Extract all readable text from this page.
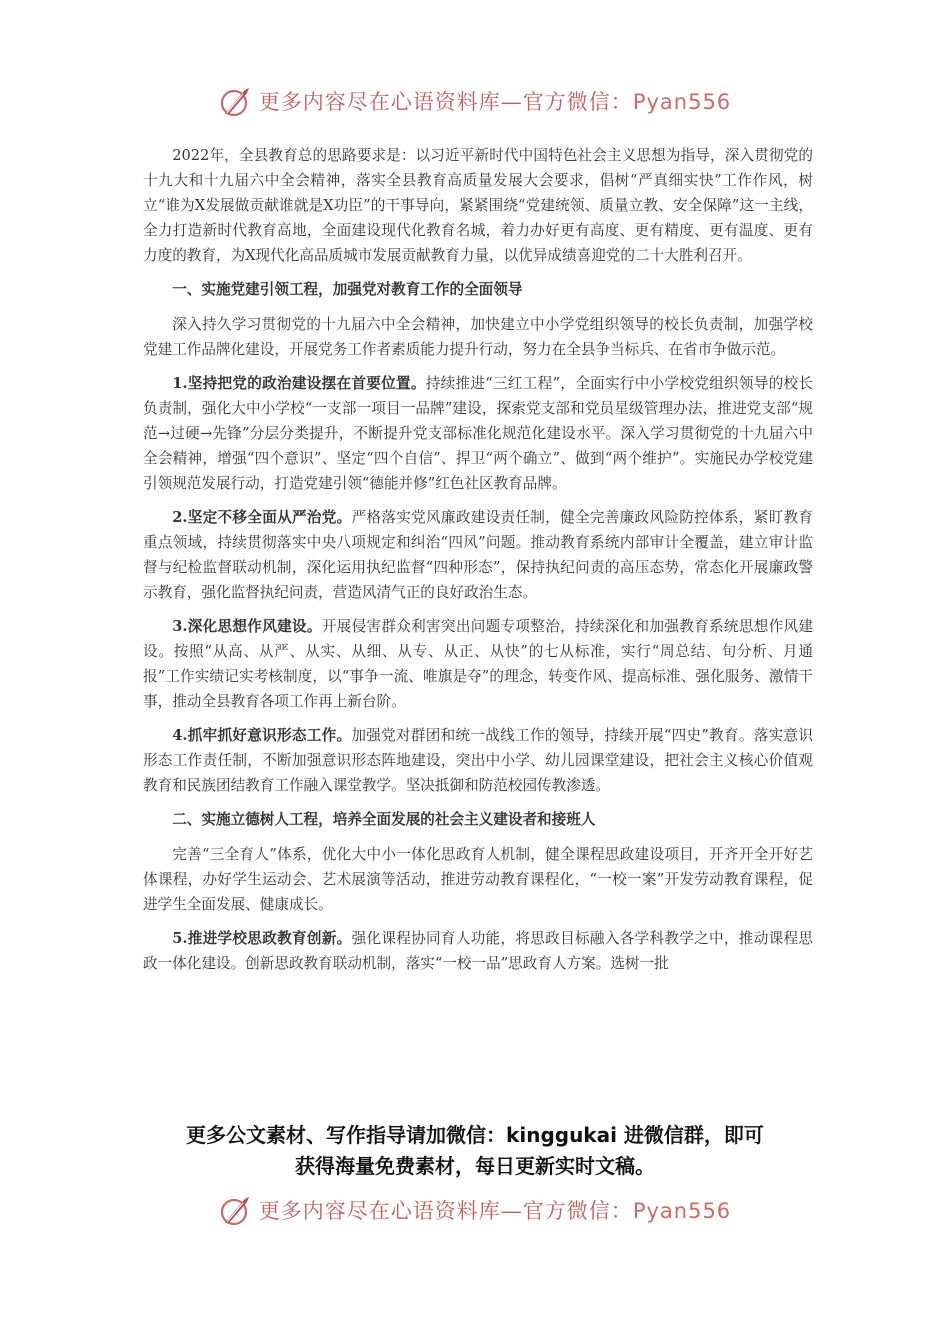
更多内容尽在心语资料库—官方微信：Pyan556

2022年，全县教育总的思路要求是：以习近平新时代中国特色社会主义思想为指导，深入贯彻党的十九大和十九届六中全会精神，落实全县教育高质量发展大会要求，倡树“严真细实快”工作作风，树立“谁为X发展做贡献谁就是X功臣”的干事导向，紧紧围绕“党建统领、质量立教、安全保障”这一主线，全力打造新时代教育高地，全面建设现代化教育名城，着力办好更有高度、更有精度、更有温度、更有力度的教育，为X现代化高品质城市发展贡献教育力量，以优异成绩喜迎党的二十大胜利召开。

一、实施党建引领工程，加强党对教育工作的全面领导

深入持久学习贯彻党的十九届六中全会精神，加快建立中小学党组织领导的校长负责制，加强学校党建工作品牌化建设，开展党务工作者素质能力提升行动，努力在全县争当标兵、在省市争做示范。

1.坚持把党的政治建设摆在首要位置。持续推进“三红工程”，全面实行中小学校党组织领导的校长负责制，强化大中小学校“一支部一项目一品牌”建设，探索党支部和党员星级管理办法，推进党支部“规范→过硬→先锋”分层分类提升，不断提升党支部标准化规范化建设水平。深入学习贯彻党的十九届六中全会精神，增强“四个意识”、坚定“四个自信”、捍卫“两个确立”、做到“两个维护”。实施民办学校党建引领规范发展行动，打造党建引领“德能并修”红色社区教育品牌。

2.坚定不移全面从严治党。严格落实党风廉政建设责任制，健全完善廉政风险防控体系，紧盯教育重点领域，持续贯彻落实中央八项规定和纠治“四风”问题。推动教育系统内部审计全覆盖，建立审计监督与纪检监督联动机制，深化运用执纪监督“四种形态”，保持执纪问责的高压态势，常态化开展廉政警示教育，强化监督执纪问责，营造风清气正的良好政治生态。

3.深化思想作风建设。开展侵害群众利害突出问题专项整治，持续深化和加强教育系统思想作风建设。按照“从高、从严、从实、从细、从专、从正、从快”的七从标准，实行“周总结、旬分析、月通报”工作实绩记实考核制度，以“事争一流、唯旗是夺”的理念，转变作风、提高标准、强化服务、激情干事，推动全县教育各项工作再上新台阶。

4.抓牢抓好意识形态工作。加强党对群团和统一战线工作的领导，持续开展“四史”教育。落实意识形态工作责任制，不断加强意识形态阵地建设，突出中小学、幼儿园课堂建设，把社会主义核心价值观教育和民族团结教育工作融入课堂教学。坚决抵御和防范校园传教渗透。

二、实施立德树人工程，培养全面发展的社会主义建设者和接班人

完善“三全育人”体系，优化大中小一体化思政育人机制，健全课程思政建设项目，开齐开全开好艺体课程，办好学生运动会、艺术展演等活动，推进劳动教育课程化，“一校一案”开发劳动教育课程，促进学生全面发展、健康成长。

5.推进学校思政教育创新。强化课程协同育人功能，将思政目标融入各学科教学之中，推动课程思政一体化建设。创新思政教育联动机制，落实“一校一品”思政育人方案。选树一批

更多公文素材、写作指导请加微信：kinggukai 进微信群，即可
获得海量免费素材，每日更新实时文稿。
更多内容尽在心语资料库—官方微信：Pyan556
